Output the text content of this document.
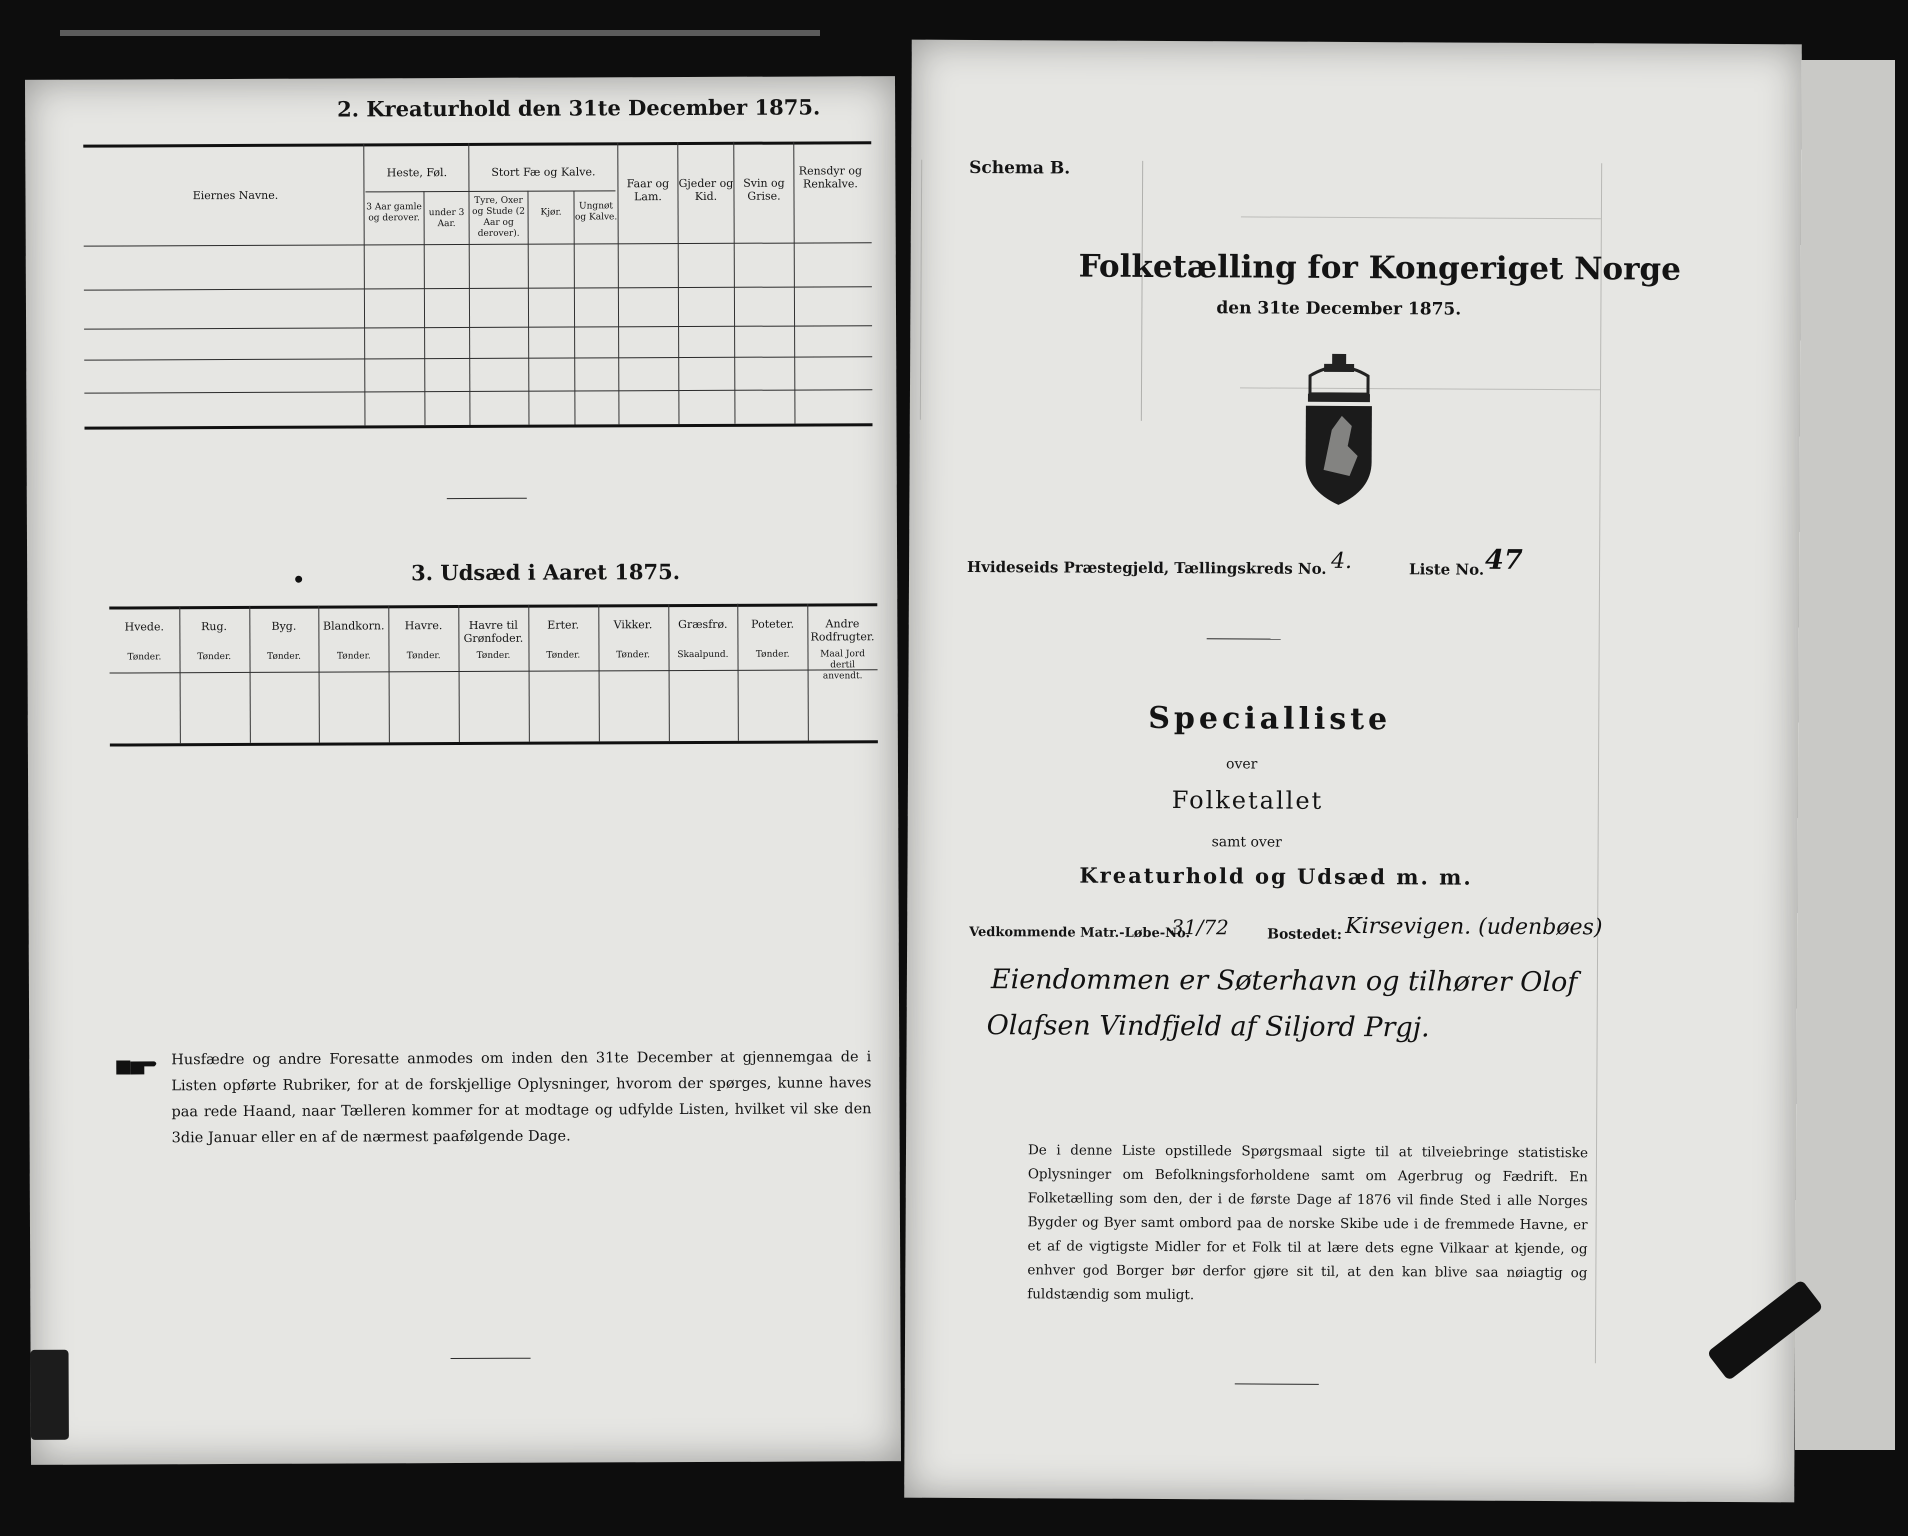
2. Kreaturhold den 31te December 1875.
Eiernes Navne.
Heste, Føl.
3 Aar gamle og derover.
under 3 Aar.
Stort Fæ og Kalve.
Tyre, Oxer og Stude (2 Aar og derover).
Kjør.
Ungnøt og Kalve.
Faar og Lam.
Gjeder og Kid.
Svin og Grise.
Rensdyr og Renkalve.
3. Udsæd i Aaret 1875.
Hvede.
Tønder.
Rug.
Tønder.
Byg.
Tønder.
Blandkorn.
Tønder.
Havre.
Tønder.
Havre til Grønfoder.
Tønder.
Erter.
Tønder.
Vikker.
Tønder.
Græsfrø.
Skaalpund.
Poteter.
Tønder.
Andre Rodfrugter.
Maal Jord dertil anvendt.
Husfædre og andre Foresatte anmodes om inden den 31te December at gjennemgaa de i Listen opførte Rubriker, for at de forskjellige Oplysninger, hvorom der spørges, kunne haves paa rede Haand, naar Tælleren kommer for at modtage og udfylde Listen, hvilket vil ske den 3die Januar eller en af de nærmest paafølgende Dage.
Schema B.
Folketælling for Kongeriget Norge
den 31te December 1875.
Hvideseids Præstegjeld, Tællingskreds No. 4.	Liste No. 47
Specialliste
over
Folketallet
samt over
Kreaturhold og Udsæd m. m.
Vedkommende Matr.-Løbe-No.
31/72	Bostedet: Kirsevigen. (udenbøes)
Eiendommen er Søterhavn og tilhører Olof
Olafsen Vindfjeld af Siljord Prgj.
De i denne Liste opstillede Spørgsmaal sigte til at tilveiebringe statistiske Oplysninger om Befolkningsforholdene samt om Agerbrug og Fædrift. En Folketælling som den, der i de første Dage af 1876 vil finde Sted i alle Norges Bygder og Byer samt ombord paa de norske Skibe ude i de fremmede Havne, er et af de vigtigste Midler for et Folk til at lære dets egne Vilkaar at kjende, og enhver god Borger bør derfor gjøre sit til, at den kan blive saa nøiagtig og fuldstændig som muligt.
